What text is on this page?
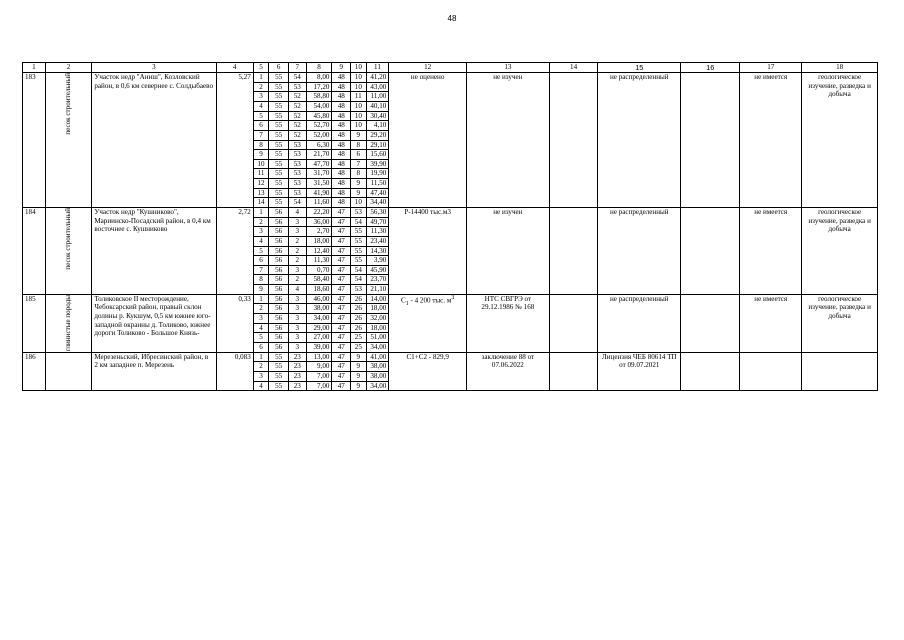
48
1	2	3	4	5	6	7	8	9	10	11	12	13	14	15	16	17	18
183	песок строительный	Участок недр "Аниш", Козловский район, в 0,6 км севернее с. Солдыбаево	5,27	1	55	54	8,00	48	10	41,20	не оценено	не изучен		не распределенный		не имеется	геологическое изучение, разведка и добыча
				2	55	53	17,20	48	10	43,00							
				3	55	52	58,80	48	11	11,00							
				4	55	52	54,00	48	10	40,10							
				5	55	52	45,80	48	10	30,40							
				6	55	52	52,70	48	10	4,10							
				7	55	52	52,00	48	9	29,20							
				8	55	53	6,30	48	8	29,10							
				9	55	53	21,70	48	6	15,60							
				10	55	53	47,70	48	7	39,90							
				11	55	53	31,70	48	8	19,90							
				12	55	53	31,50	48	9	11,50							
				13	55	53	41,90	48	9	47,40							
				14	55	54	11,60	48	10	34,40							
184	песок строительный	Участок недр "Кушниково", Мариинско-Посадский район, в 0,4 км восточнее с. Кушниково	2,72	1	56	4	22,20	47	53	56,30	P-14400 тыс.м3	не изучен		не распределенный		не имеется	геологическое изучение, разведка и добыча
				2	56	3	36,00	47	54	49,70							
				3	56	3	2,70	47	55	11,30							
				4	56	2	18,00	47	55	23,40							
				5	56	2	12,40	47	55	14,30							
				6	56	2	11,30	47	55	3,90							
				7	56	3	0,70	47	54	45,90							
				8	56	2	58,40	47	54	23,70							
				9	56	4	18,60	47	53	21,10							
185	глинистые породы	Толиковское II месторождение, Чебоксарский район, правый склон долины р. Кукшум, 0,5 км южнее юго-западной окраины д. Толиково, южнее дороги Толиково - Большое Князь-	0,33	1	56	3	46,00	47	26	14,00	$C_1 - 4$ 200 тыс. $м^3$	НТС СВГРЭ от 29.12.1986 № 168		не распределенный		не имеется	геологическое изучение, разведка и добыча
				2	56	3	38,00	47	26	18,00							
				3	56	3	34,00	47	26	32,00							
				4	56	3	29,00	47	26	18,00							
				5	56	3	27,00	47	25	51,00							
				6	56	3	39,00	47	25	34,00							
186		Мерезеньский, Ибресинский район, в 2 км западнее п. Мерезень	0,083	1	55	23	13,00	47	9	41,00	C1+C2 - 829,9	заключение 88 от 07.06.2022		Лицензия ЧЕБ 80614 ТП от 09.07.2021			
				2	55	23	9,00	47	9	38,00							
				3	55	23	7,00	47	9	38,00							
				4	55	23	7,00	47	9	34,00							
